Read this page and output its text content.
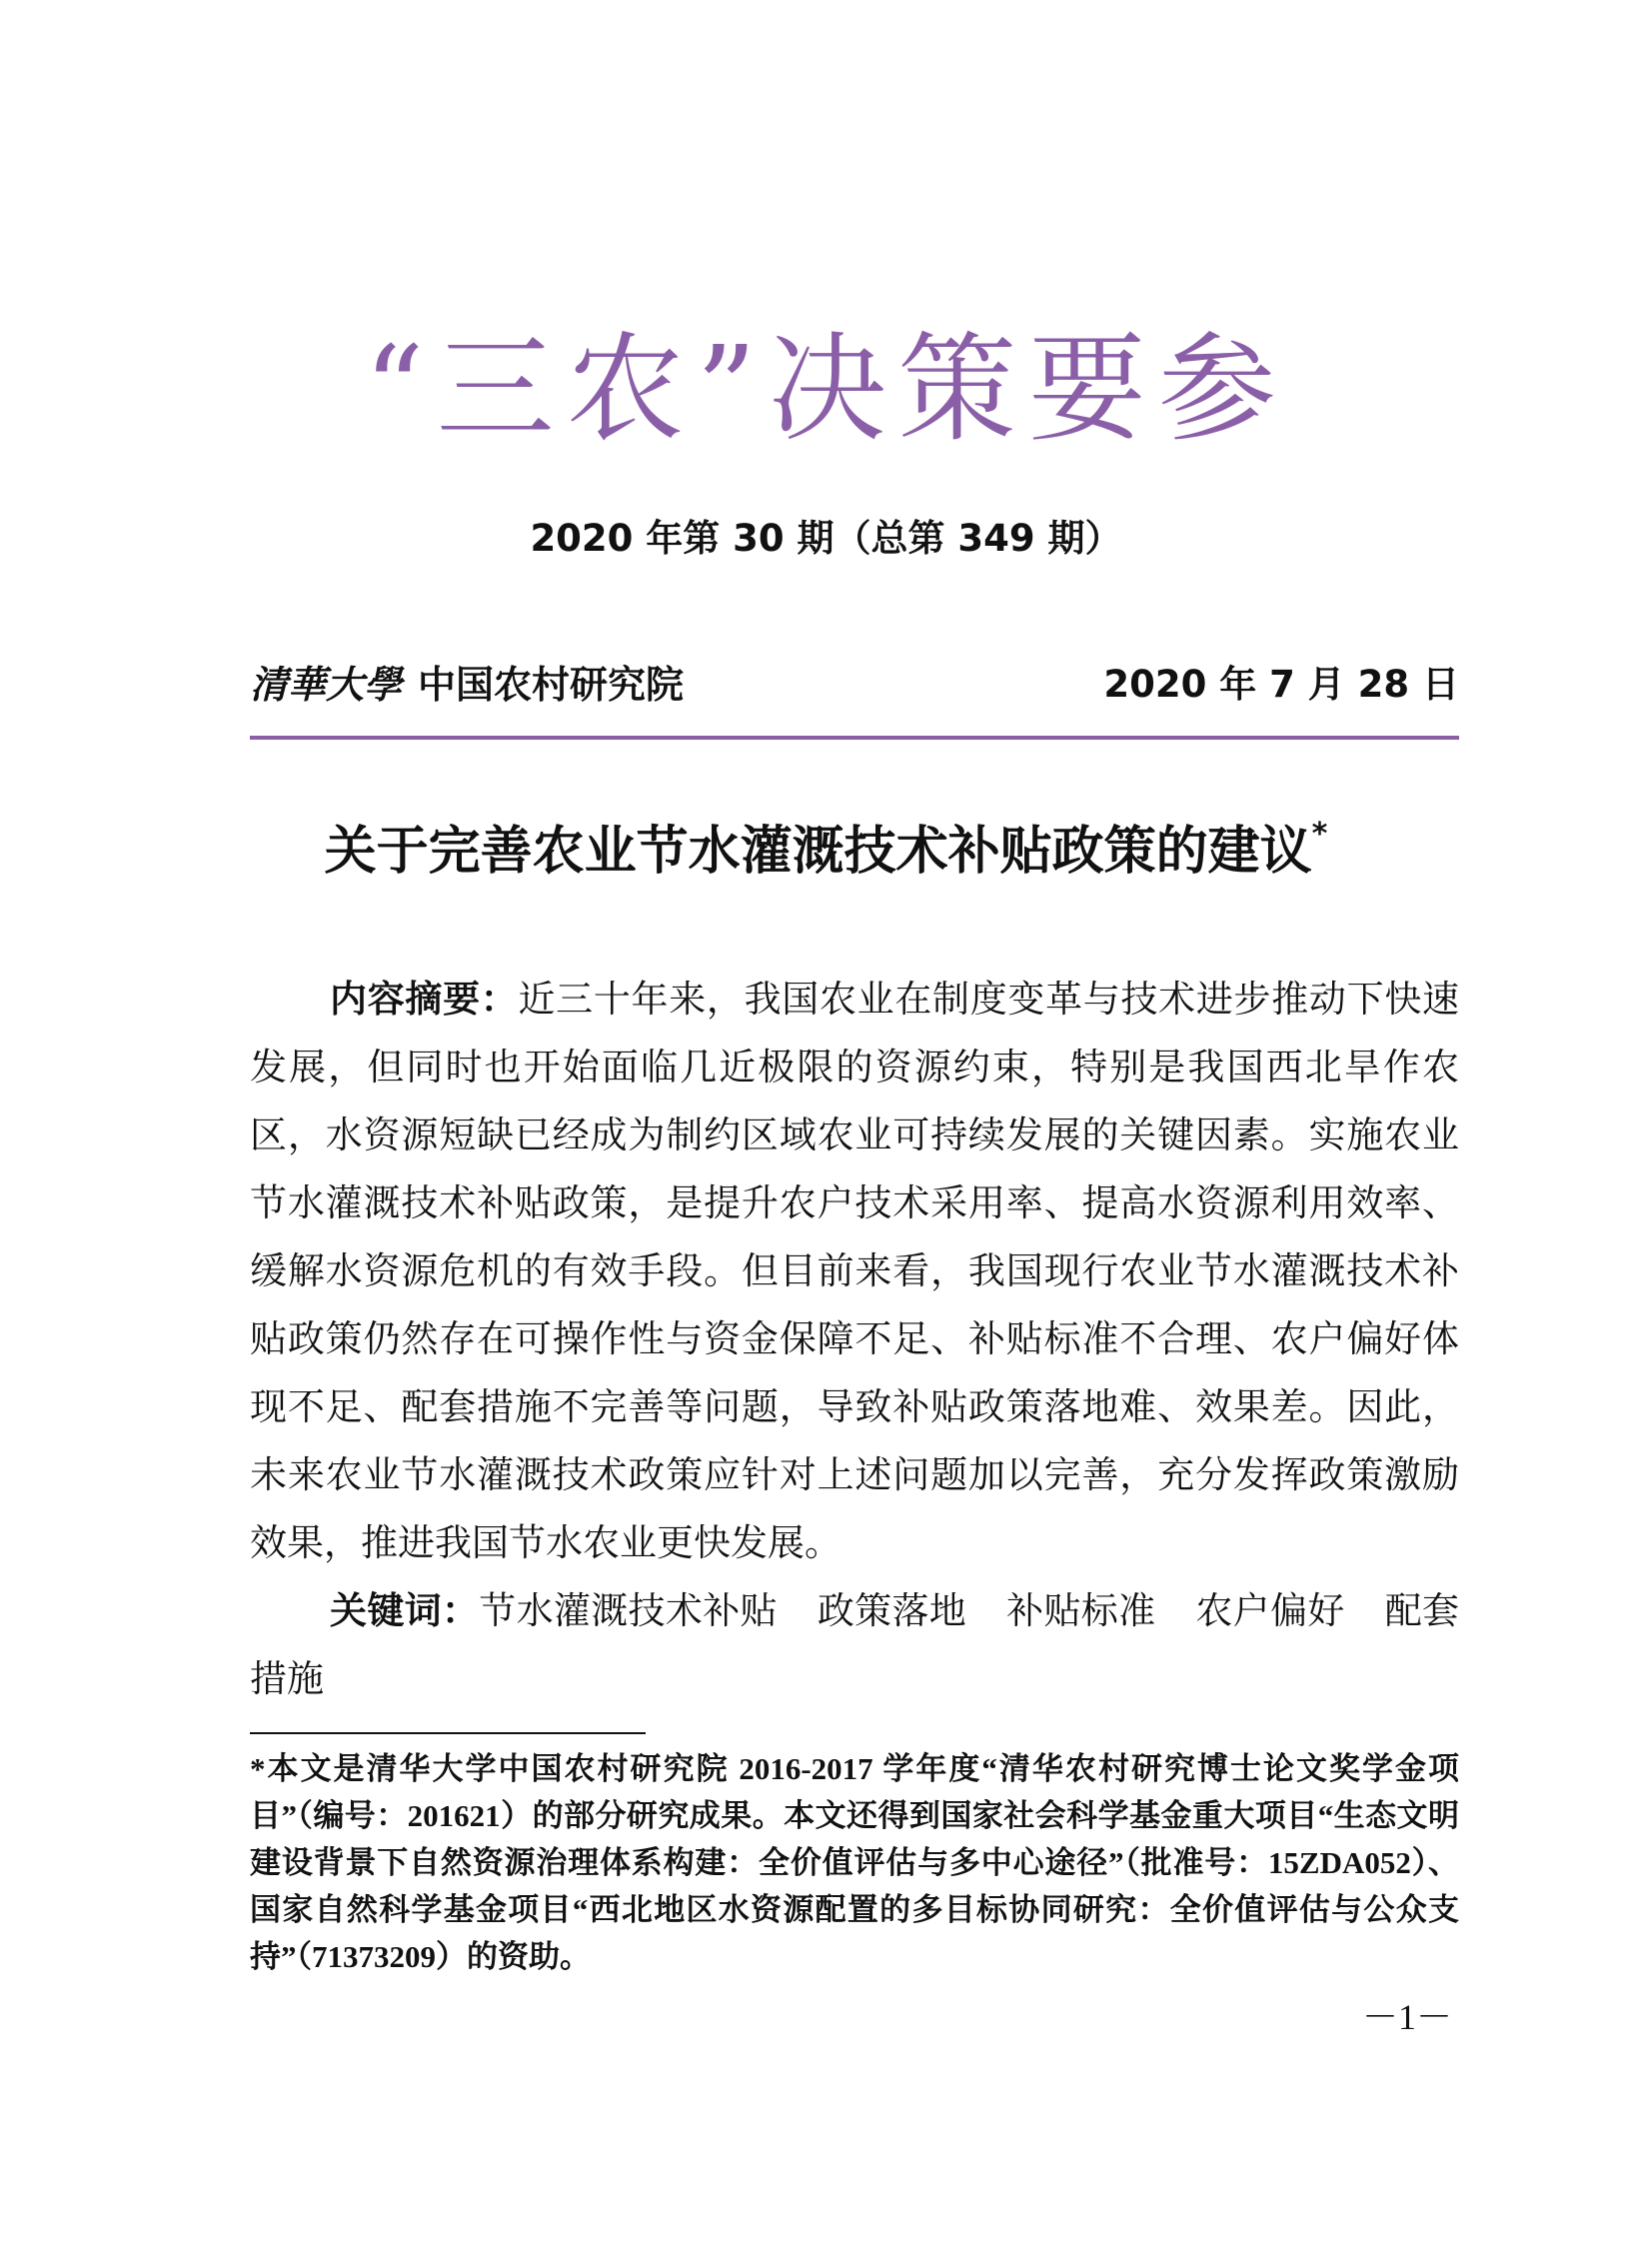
“三农”决策要参
2020 年第 30 期（总第 349 期）
清華大學 中国农村研究院	2020 年 7 月 28 日
关于完善农业节水灌溉技术补贴政策的建议*

内容摘要：近三十年来，我国农业在制度变革与技术进步推动下快速发展，但同时也开始面临几近极限的资源约束，特别是我国西北旱作农区，水资源短缺已经成为制约区域农业可持续发展的关键因素。实施农业节水灌溉技术补贴政策，是提升农户技术采用率、提高水资源利用效率、缓解水资源危机的有效手段。但目前来看，我国现行农业节水灌溉技术补贴政策仍然存在可操作性与资金保障不足、补贴标准不合理、农户偏好体现不足、配套措施不完善等问题，导致补贴政策落地难、效果差。因此，未来农业节水灌溉技术政策应针对上述问题加以完善，充分发挥政策激励效果，推进我国节水农业更快发展。

关键词：节水灌溉技术补贴 政策落地 补贴标准 农户偏好 配套措施

*本文是清华大学中国农村研究院 2016-2017 学年度“清华农村研究博士论文奖学金项目”（编号：201621）的部分研究成果。本文还得到国家社会科学基金重大项目“生态文明建设背景下自然资源治理体系构建：全价值评估与多中心途径”（批准号：15ZDA052）、国家自然科学基金项目“西北地区水资源配置的多目标协同研究：全价值评估与公众支持”（71373209）的资助。

－1－
